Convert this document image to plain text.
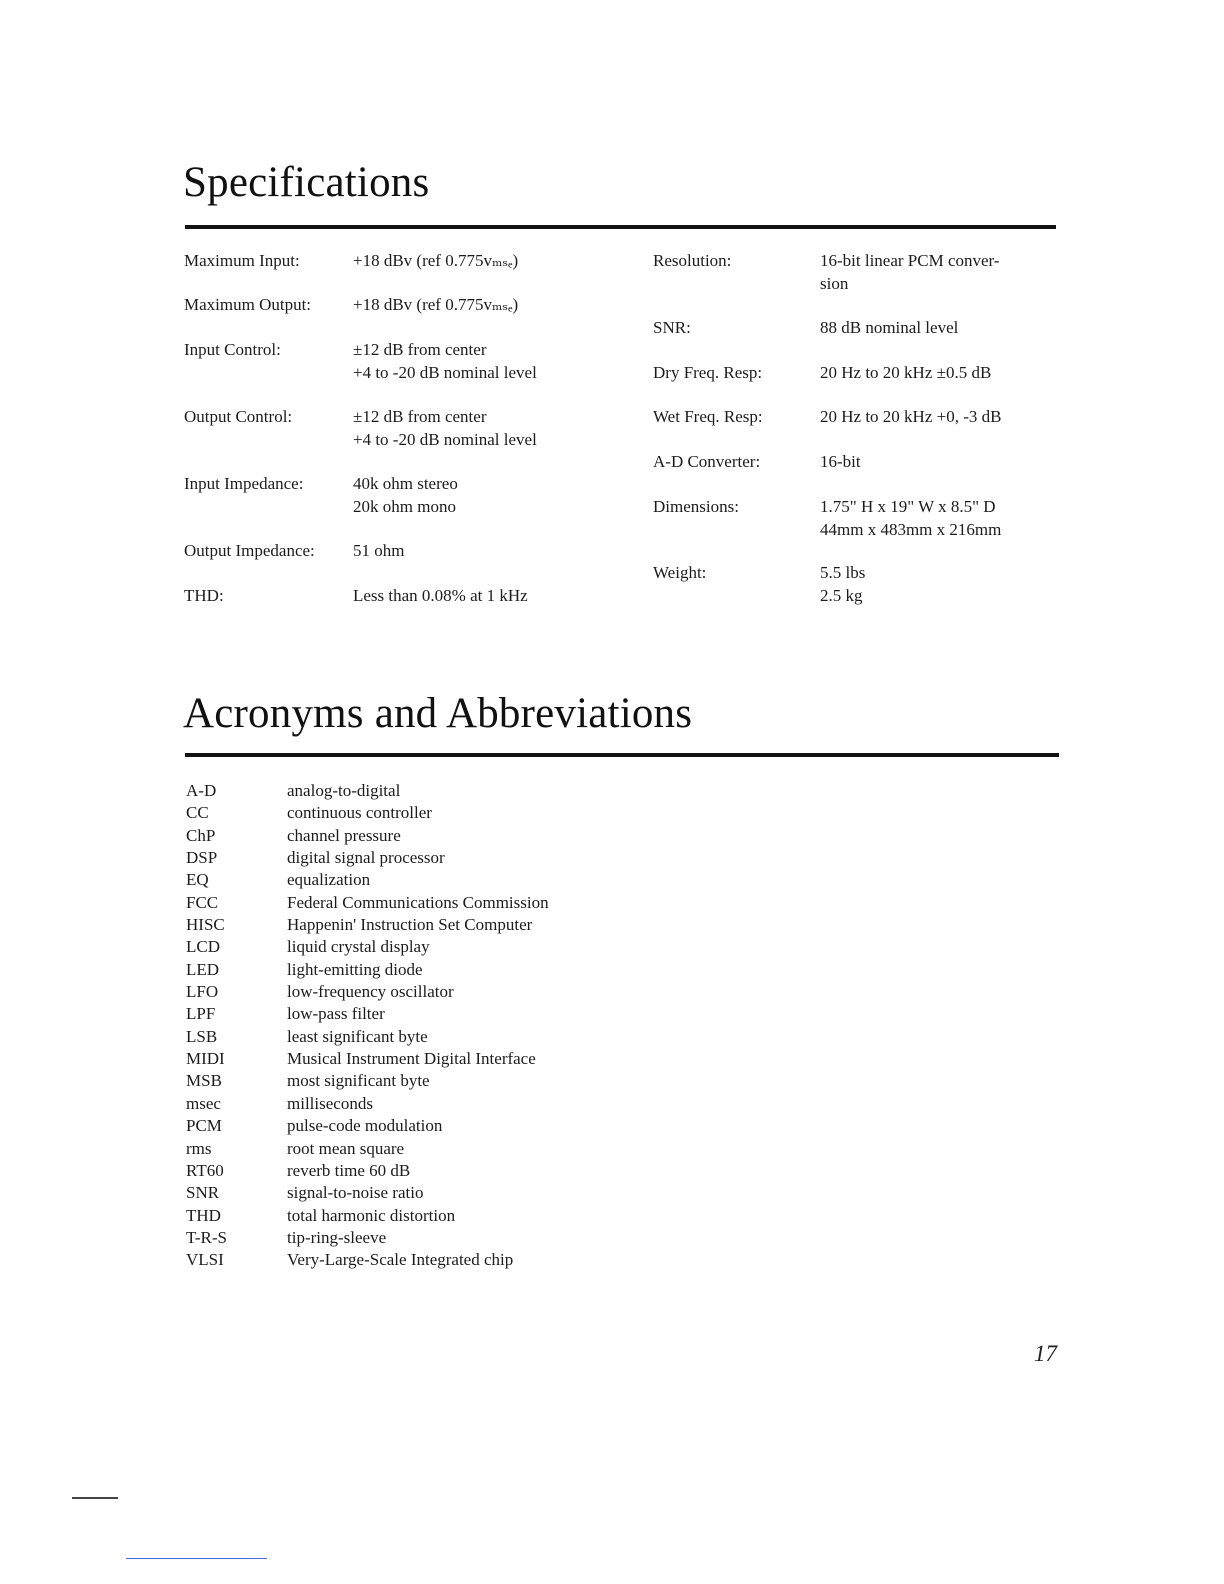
Specifications
Maximum Input:	+18 dBv (ref 0.775vₘₛₑ)
Maximum Output: +18 dBv (ref 0.775vₘₛₑ)
Input Control:	±12 dB from center
+4 to -20 dB nominal level
Output Control:	±12 dB from center
+4 to -20 dB nominal level
Input Impedance:	40k ohm stereo
20k ohm mono
Output Impedance: 51 ohm
THD:	Less than 0.08% at 1 kHz
Resolution:	16-bit linear PCM conver-
sion
SNR:	88 dB nominal level
Dry Freq. Resp:	20 Hz to 20 kHz ±0.5 dB
Wet Freq. Resp:	20 Hz to 20 kHz +0, -3 dB
A-D Converter:	16-bit
Dimensions:	1.75" H x 19" W x 8.5" D
44mm x 483mm x 216mm
Weight:	5.5 lbs
2.5 kg
Acronyms and Abbreviations
A-D	analog-to-digital
CC	continuous controller
ChP	channel pressure
DSP	digital signal processor
EQ	equalization
FCC	Federal Communications Commission
HISC	Happenin' Instruction Set Computer
LCD	liquid crystal display
LED	light-emitting diode
LFO	low-frequency oscillator
LPF	low-pass filter
LSB	least significant byte
MIDI	Musical Instrument Digital Interface
MSB	most significant byte
msec	milliseconds
PCM	pulse-code modulation
rms	root mean square
RT60	reverb time 60 dB
SNR	signal-to-noise ratio
THD	total harmonic distortion
T-R-S	tip-ring-sleeve
VLSI	Very-Large-Scale Integrated chip
17
